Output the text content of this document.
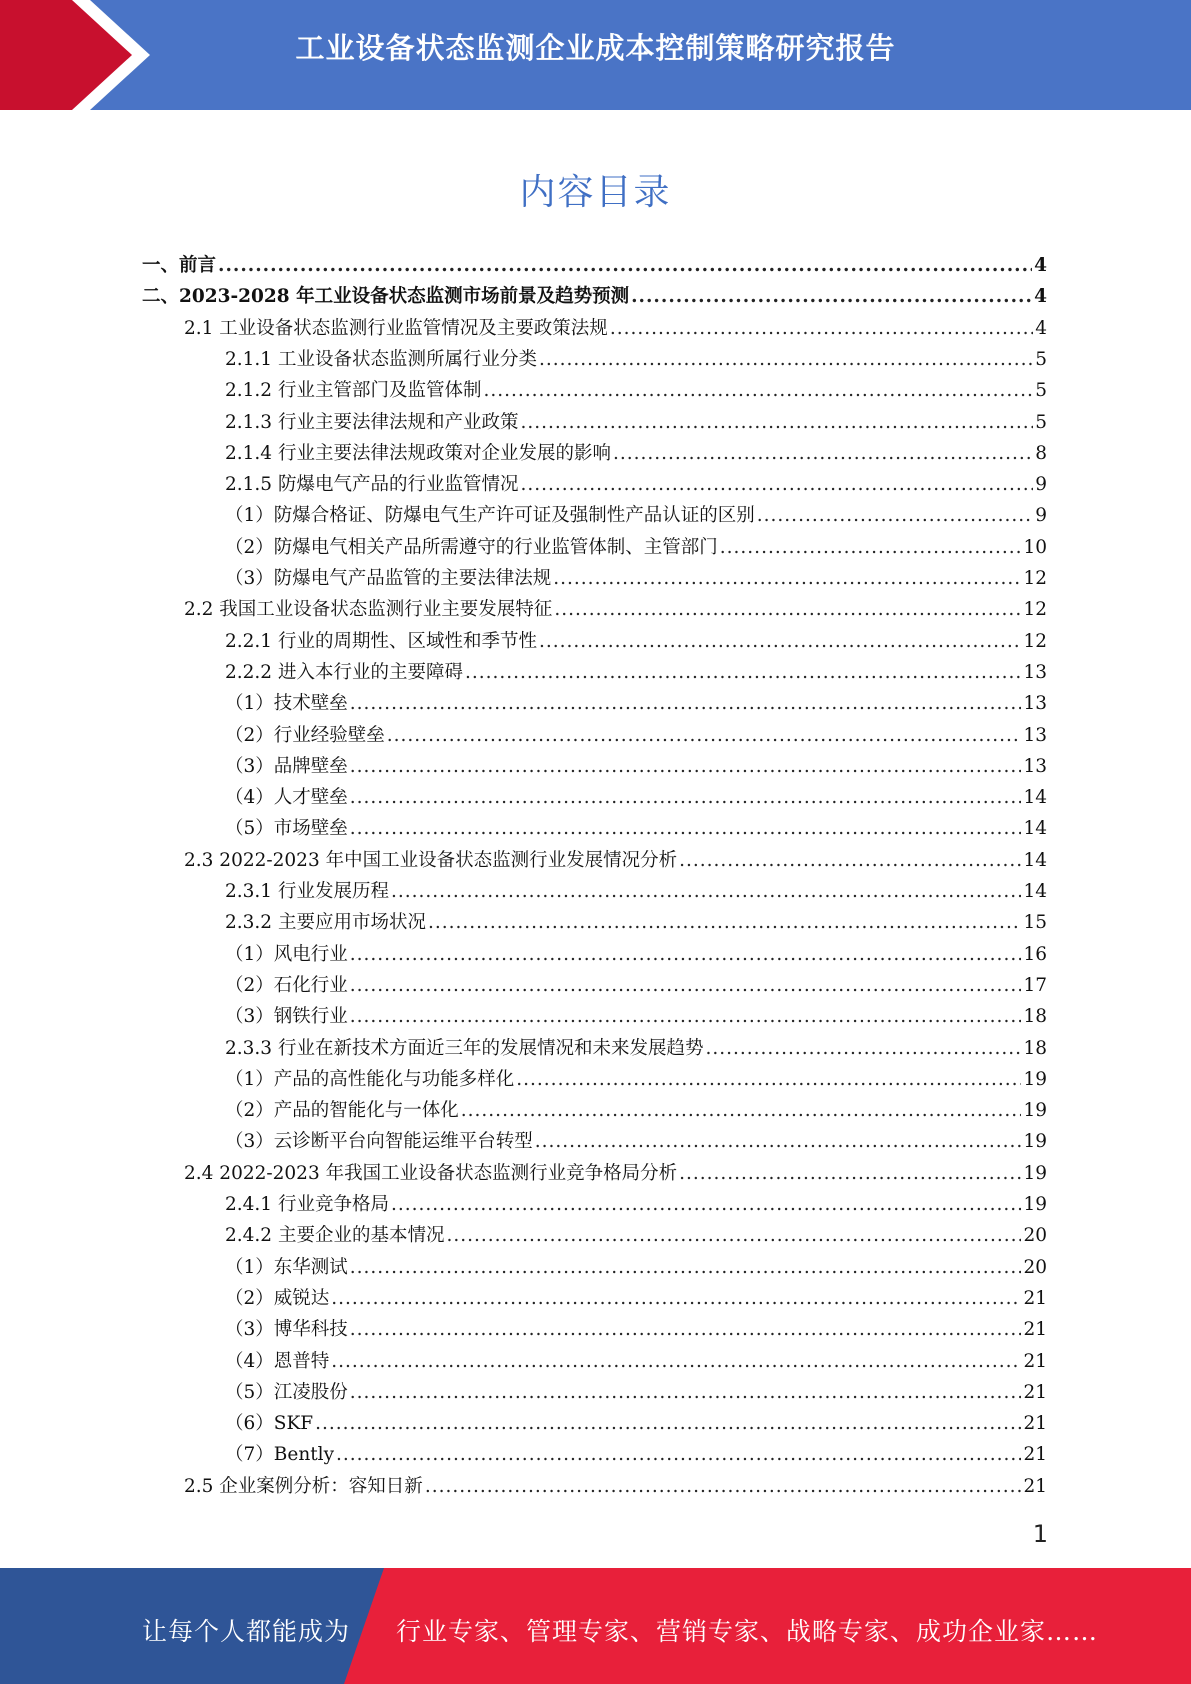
工业设备状态监测企业成本控制策略研究报告
内容目录
一、前言 .....	4
二、2023-2028 年工业设备状态监测市场前景及趋势预测 .....	4
2.1 工业设备状态监测行业监管情况及主要政策法规 .....	4
2.1.1 工业设备状态监测所属行业分类 .....	5
2.1.2 行业主管部门及监管体制 .....	5
2.1.3 行业主要法律法规和产业政策 .....	5
2.1.4 行业主要法律法规政策对企业发展的影响 .....	8
2.1.5 防爆电气产品的行业监管情况 .....	9
（1）防爆合格证、防爆电气生产许可证及强制性产品认证的区别 .....	9
（2）防爆电气相关产品所需遵守的行业监管体制、主管部门 .....	10
（3）防爆电气产品监管的主要法律法规 .....	12
2.2 我国工业设备状态监测行业主要发展特征 .....	12
2.2.1 行业的周期性、区域性和季节性 .....	12
2.2.2 进入本行业的主要障碍 .....	13
（1）技术壁垒 .....	13
（2）行业经验壁垒 .....	13
（3）品牌壁垒 .....	13
（4）人才壁垒 .....	14
（5）市场壁垒 .....	14
2.3 2022-2023 年中国工业设备状态监测行业发展情况分析 .....	14
2.3.1 行业发展历程 .....	14
2.3.2 主要应用市场状况 .....	15
（1）风电行业 .....	16
（2）石化行业 .....	17
（3）钢铁行业 .....	18
2.3.3 行业在新技术方面近三年的发展情况和未来发展趋势 .....	18
（1）产品的高性能化与功能多样化 .....	19
（2）产品的智能化与一体化 .....	19
（3）云诊断平台向智能运维平台转型 .....	19
2.4 2022-2023 年我国工业设备状态监测行业竞争格局分析 .....	19
2.4.1 行业竞争格局 .....	19
2.4.2 主要企业的基本情况 .....	20
（1）东华测试 .....	20
（2）威锐达 .....	21
（3）博华科技 .....	21
（4）恩普特 .....	21
（5）江凌股份 .....	21
（6）SKF .....	21
（7）Bently .....	21
2.5 企业案例分析：容知日新 .....	21
1
让每个人都能成为 行业专家、管理专家、营销专家、战略专家、成功企业家……
